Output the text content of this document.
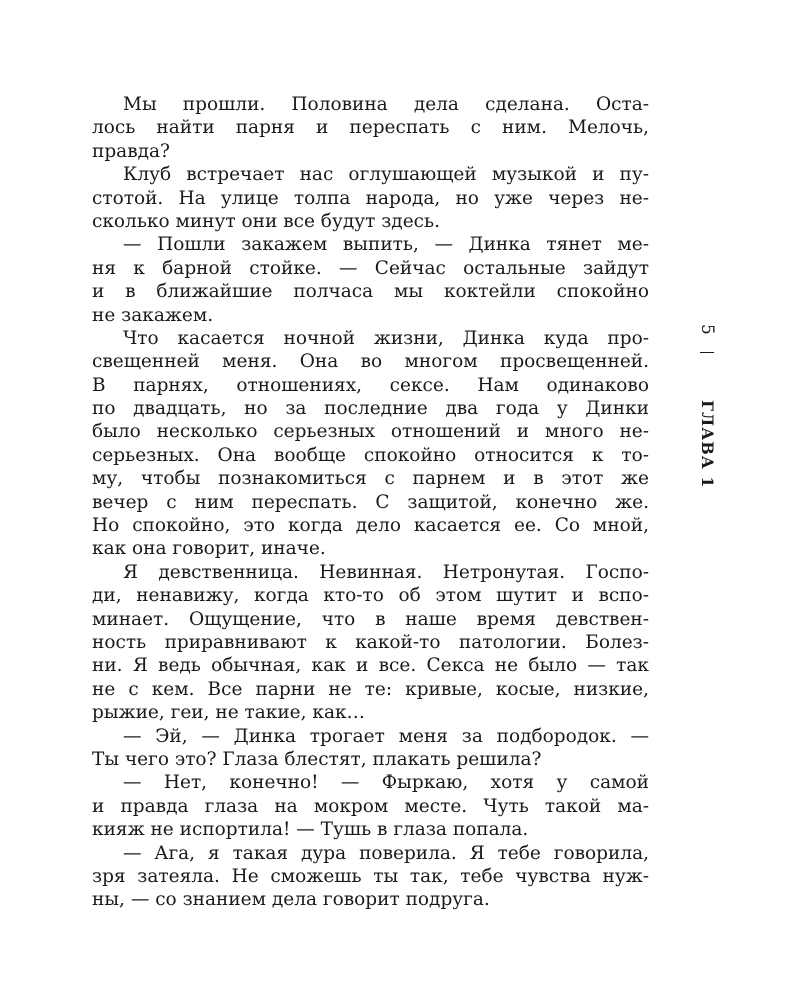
Мы прошли. Половина дела сделана. Оста-
лось найти парня и переспать с ним. Мелочь,
правда?
Клуб встречает нас оглушающей музыкой и пу-
стотой. На улице толпа народа, но уже через не-
сколько минут они все будут здесь.
— Пошли закажем выпить, — Динка тянет ме-
ня к барной стойке. — Сейчас остальные зайдут
и в ближайшие полчаса мы коктейли спокойно
не закажем.
Что касается ночной жизни, Динка куда про-
свещенней меня. Она во многом просвещенней.
В парнях, отношениях, сексе. Нам одинаково
по двадцать, но за последние два года у Динки
было несколько серьезных отношений и много не-
серьезных. Она вообще спокойно относится к то-
му, чтобы познакомиться с парнем и в этот же
вечер с ним переспать. С защитой, конечно же.
Но спокойно, это когда дело касается ее. Со мной,
как она говорит, иначе.
Я девственница. Невинная. Нетронутая. Госпо-
ди, ненавижу, когда кто-то об этом шутит и вспо-
минает. Ощущение, что в наше время девствен-
ность приравнивают к какой-то патологии. Болез-
ни. Я ведь обычная, как и все. Секса не было — так
не с кем. Все парни не те: кривые, косые, низкие,
рыжие, геи, не такие, как…
— Эй, — Динка трогает меня за подбородок. —
Ты чего это? Глаза блестят, плакать решила?
— Нет, конечно! — Фыркаю, хотя у самой
и правда глаза на мокром месте. Чуть такой ма-
кияж не испортила! — Тушь в глаза попала.
— Ага, я такая дура поверила. Я тебе говорила,
зря затеяла. Не сможешь ты так, тебе чувства нуж-
ны, — со знанием дела говорит подруга.
5
ГЛАВА 1
